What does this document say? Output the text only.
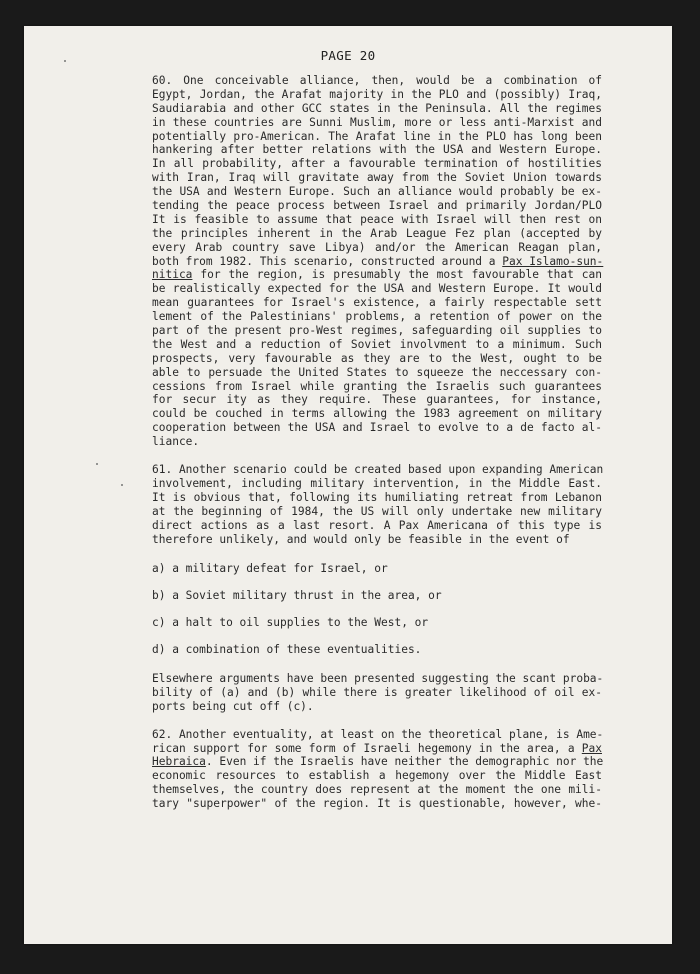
PAGE 20
60. One conceivable alliance, then, would be a combination of
Egypt, Jordan, the Arafat majority in the PLO and (possibly) Iraq,
Saudiarabia and other GCC states in the Peninsula. All the regimes
in these countries are Sunni Muslim, more or less anti-Marxist and
potentially pro-American. The Arafat line in the PLO has long been
hankering after better relations with the USA and Western Europe.
In all probability, after a favourable termination of hostilities
with Iran, Iraq will gravitate away from the Soviet Union towards
the USA and Western Europe. Such an alliance would probably be ex-
tending the peace process between Israel and primarily Jordan/PLO
It is feasible to assume that peace with Israel will then rest on
the principles inherent in the Arab League Fez plan (accepted by
every Arab country save Libya) and/or the American Reagan plan,
both from 1982. This scenario, constructed around a Pax Islamo-sun-
nitica for the region, is presumably the most favourable that can
be realistically expected for the USA and Western Europe. It would
mean guarantees for Israel's existence, a fairly respectable sett
lement of the Palestinians' problems, a retention of power on the
part of the present pro-West regimes, safeguarding oil supplies to
the West and a reduction of Soviet involvment to a minimum. Such
prospects, very favourable as they are to the West, ought to be
able to persuade the United States to squeeze the neccessary con-
cessions from Israel while granting the Israelis such guarantees
for secur ity as they require. These guarantees, for instance,
could be couched in terms allowing the 1983 agreement on military
cooperation between the USA and Israel to evolve to a de facto al-
liance.
61. Another scenario could be created based upon expanding American
involvement, including military intervention, in the Middle East.
It is obvious that, following its humiliating retreat from Lebanon
at the beginning of 1984, the US will only undertake new military
direct actions as a last resort. A Pax Americana of this type is
therefore unlikely, and would only be feasible in the event of
a) a military defeat for Israel, or
b) a Soviet military thrust in the area, or
c) a halt to oil supplies to the West, or
d) a combination of these eventualities.
Elsewhere arguments have been presented suggesting the scant proba-
bility of (a) and (b) while there is greater likelihood of oil ex-
ports being cut off (c).
62. Another eventuality, at least on the theoretical plane, is Ame-
rican support for some form of Israeli hegemony in the area, a Pax
Hebraica. Even if the Israelis have neither the demographic nor the
economic resources to establish a hegemony over the Middle East
themselves, the country does represent at the moment the one mili-
tary "superpower" of the region. It is questionable, however, whe-
